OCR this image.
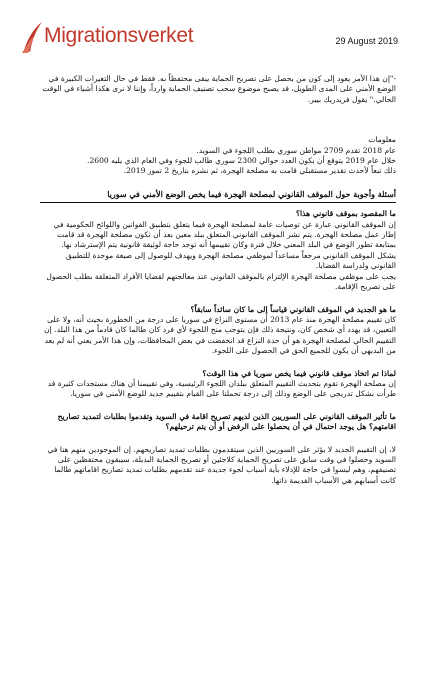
Migrationsverket	29 August 2019

-"إن هذا الأمر يعود إلى كون من يحصل على تصريح الحماية يبقى محتفظاً به. فقط في حال التغيرات الكبيرة في الوضع الأمني على المدى الطويل، قد يصبح موضوع سحب تصنيف الحماية وارداً، وإننا لا نرى هكذا أشياء في الوقت الحالي." يقول فريدريك بيير.

معلومات

عام 2018 تقدم 2709 مواطن سوري بطلب اللجوء في السويد.
خلال عام 2019 يتوقع أن يكون العدد حوالي 2300 سوري طالب للجوء وفي العام الذي يليه 2600.
ذلك تبعاً لأحدث تقدير مستقبلي قامت به مصلحة الهجرة، ثم نشره بتاريخ 2 تموز 2019.

أسئلة وأجوبة حول الموقف القانوني لمصلحة الهجرة فيما يخص الوضع الأمني في سوريا

ما المقصود بموقف قانوني هذا؟

إن الموقف القانوني عبارة عن توصيات عامة لمصلحة الهجرة فيما يتعلق بتطبيق القوانين واللوائح الحكومية في إطار عمل مصلحة الهجرة. يتم نشر الموقف القانوني المتعلق ببلد معين بعد أن تكون مصلحة الهجرة قد قامت بمتابعة تطور الوضع في البلد المعني خلال فترة وكان تقييمها أنه توجد حاجة لوثيقة قانونية يتم الإسترشاد بها.

يشكل الموقف القانوني مرجعاً مساعداً لموظفي مصلحة الهجرة ويهدف للوصول إلى صيغة موحدة للتطبيق القانوني ولدراسة القضايا.

يجب على موظفي مصلحة الهجرة الإلتزام بالموقف القانوني عند معالجتهم لقضايا الأفراد المتعلقة بطلب الحصول على تصريح الإقامة.

ما هو الجديد في الموقف القانوني قياساً إلى ما كان سائداً سابقاً؟

كان تقييم مصلحة الهجرة منذ عام 2013 أن مستوى النزاع في سوريا على درجة من الخطورة بحيث أنه، ولا على التعيين، قد يهدد أي شخص كان، ونتيجة ذلك فإن يتوجب منح اللجوء لأي فرد كان طالما كان قادماً من هذا البلد. إن التقييم الحالي لمصلحة الهجرة هو أن حدة النزاع قد انخفضت في بعض المحافظات، وإن هذا الأمر يعني أنه لم يعد من البديهي أن يكون للجميع الحق في الحصول على اللجوء.

لماذا تم اتخاذ موقف قانوني فيما يخص سوريا في هذا الوقت؟

إن مصلحة الهجرة تقوم بتحديث التقييم المتعلق ببلدان اللجوء الرئيسية، وفي تقييمنا أن هناك مستجدات كثيرة قد طرأت بشكل تدريجي على الوضع وذلك إلى درجة تحملنا على القيام بتقييم جديد للوضع الأمني في سوريا.

ما تأثير الموقف القانوني على السوريين الذين لديهم تصريح اقامة في السويد وتقدموا بطلبات لتمديد تصاريح اقامتهم؟ هل يوجد احتمال في أن يحصلوا على الرفض أو أن يتم ترحيلهم؟

لا، إن التقييم الجديد لا يؤثر على السوريين الذين سيتقدمون بطلبات تمديد تصاريحهم. إن الموجودين منهم هنا في السويد وحصلوا في وقت سابق على تصريح الحماية كلاجئين أو تصريح الحماية البديلة، سيبقون محتفظين على تصنيفهم، وهم ليسوا في حاجة للإدلاء بأية أسباب لجوء جديدة عند تقدمهم بطلبات تمديد تصاريح اقاماتهم طالما كانت أسبابهم هي الأسباب القديمة ذاتها.
